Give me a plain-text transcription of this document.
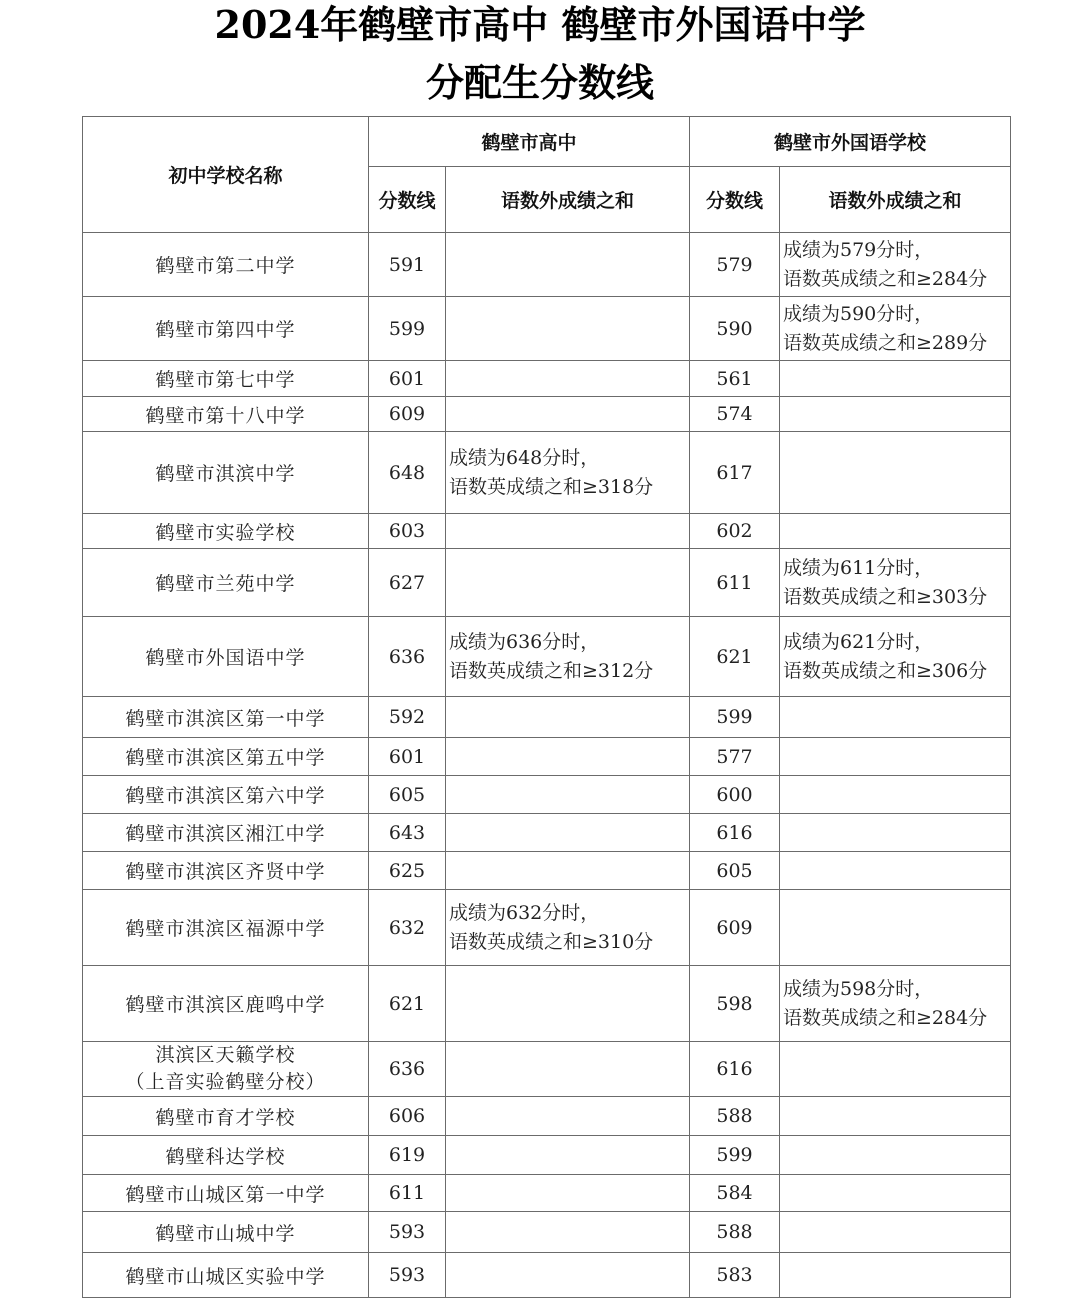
2024年鹤壁市高中 鹤壁市外国语中学
分配生分数线
初中学校名称	鹤壁市高中		鹤壁市外国语学校	
	分数线	语数外成绩之和	分数线	语数外成绩之和

鹤壁市第二中学	591		579	成绩为579分时，
语数英成绩之和≥284分

鹤壁市第四中学	599		590	成绩为590分时，
语数英成绩之和≥289分

鹤壁市第七中学	601		561	

鹤壁市第十八中学	609		574	

鹤壁市淇滨中学	648	成绩为648分时，
语数英成绩之和≥318分	617	

鹤壁市实验学校	603		602	

鹤壁市兰苑中学	627		611	成绩为611分时，
语数英成绩之和≥303分

鹤壁市外国语中学	636	成绩为636分时，
语数英成绩之和≥312分	621	成绩为621分时，
语数英成绩之和≥306分

鹤壁市淇滨区第一中学	592		599	

鹤壁市淇滨区第五中学	601		577	

鹤壁市淇滨区第六中学	605		600	

鹤壁市淇滨区湘江中学	643		616	

鹤壁市淇滨区齐贤中学	625		605	

鹤壁市淇滨区福源中学	632	成绩为632分时，
语数英成绩之和≥310分	609	

鹤壁市淇滨区鹿鸣中学	621		598	成绩为598分时，
语数英成绩之和≥284分

淇滨区天籁学校
（上音实验鹤壁分校）	636		616	

鹤壁市育才学校	606		588	

鹤壁科达学校	619		599	

鹤壁市山城区第一中学	611		584	

鹤壁市山城中学	593		588	

鹤壁市山城区实验中学	593		583	
